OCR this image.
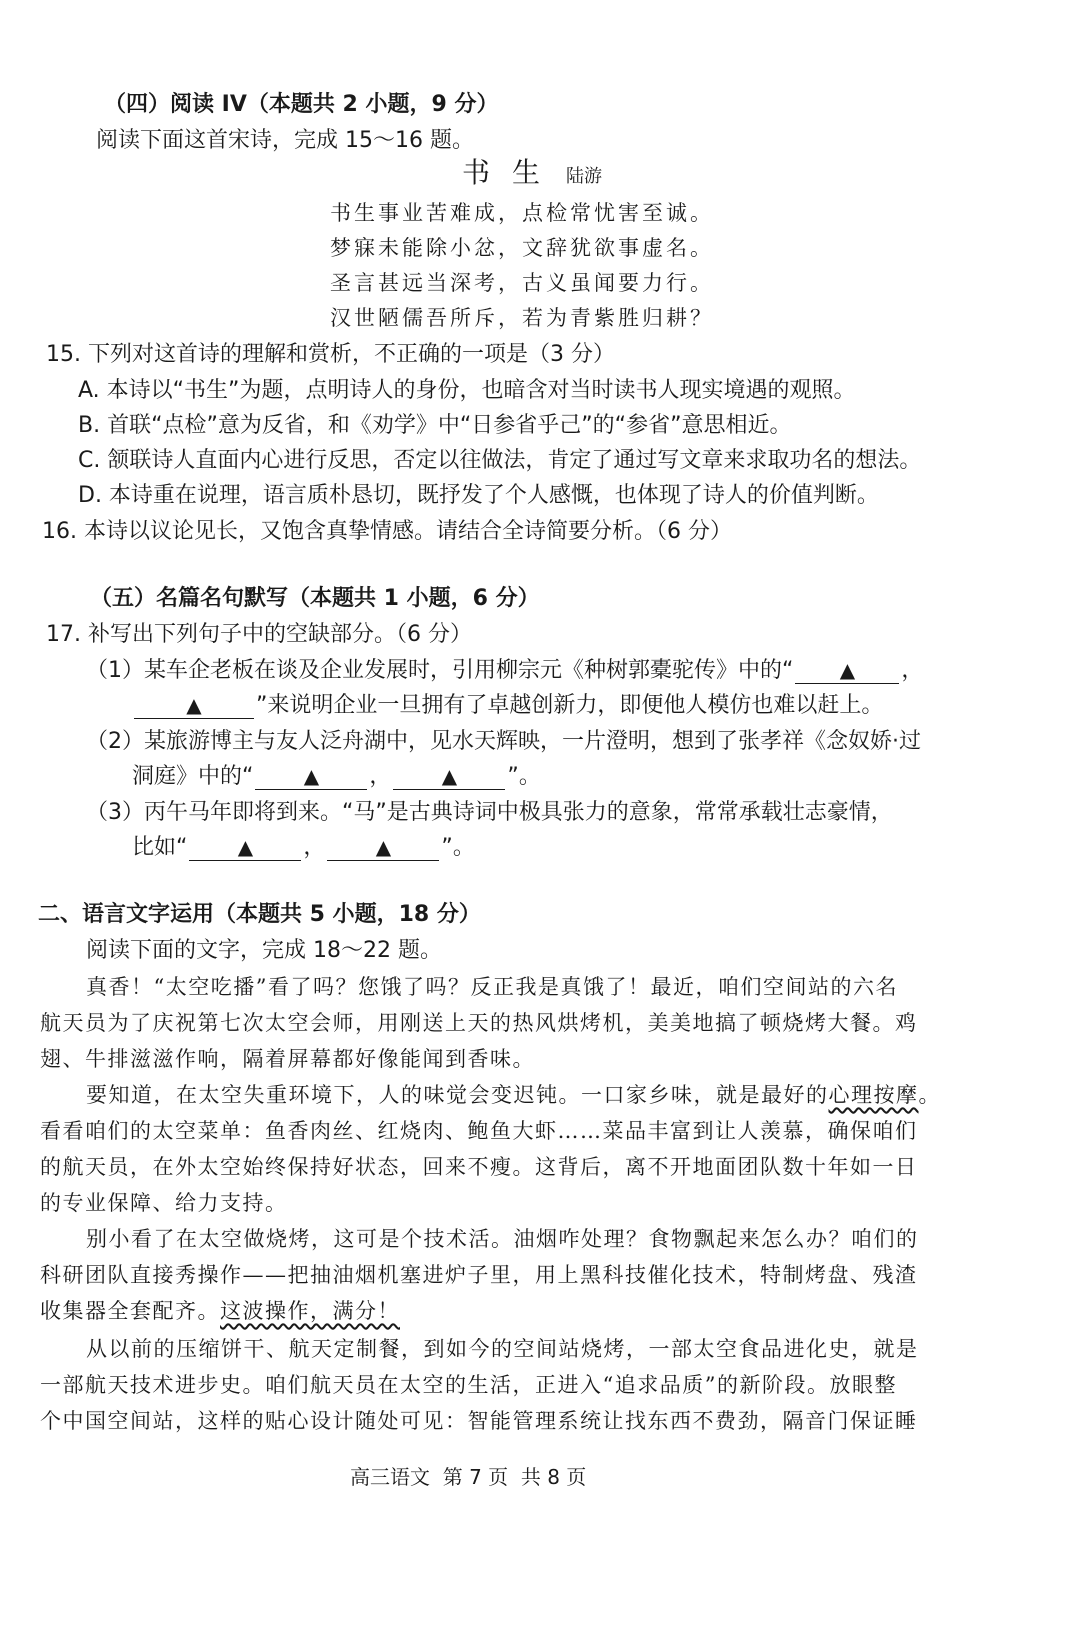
（四）阅读 IV（本题共 2 小题，9 分）
阅读下面这首宋诗，完成 15～16 题。
书生 陆游
书生事业苦难成，点检常忧害至诚。
梦寐未能除小忿，文辞犹欲事虚名。
圣言甚远当深考，古义虽闻要力行。
汉世陋儒吾所斥，若为青紫胜归耕？
15. 下列对这首诗的理解和赏析，不正确的一项是（3 分）
A. 本诗以“书生”为题，点明诗人的身份，也暗含对当时读书人现实境遇的观照。
B. 首联“点检”意为反省，和《劝学》中“日参省乎己”的“参省”意思相近。
C. 颔联诗人直面内心进行反思，否定以往做法，肯定了通过写文章来求取功名的想法。
D. 本诗重在说理，语言质朴恳切，既抒发了个人感慨，也体现了诗人的价值判断。
16. 本诗以议论见长，又饱含真挚情感。请结合全诗简要分析。（6 分）
（五）名篇名句默写（本题共 1 小题，6 分）
17. 补写出下列句子中的空缺部分。（6 分）
（1）某车企老板在谈及企业发展时，引用柳宗元《种树郭橐驼传》中的“ ▲ ，
▲ ”来说明企业一旦拥有了卓越创新力，即便他人模仿也难以赶上。
（2）某旅游博主与友人泛舟湖中，见水天辉映，一片澄明，想到了张孝祥《念奴娇·过
洞庭》中的“	▲ ，	▲ ”。
（3）丙午马年即将到来。“马”是古典诗词中极具张力的意象，常常承载壮志豪情，
比如“	▲ ，	▲ ”。
二、语言文字运用（本题共 5 小题，18 分）
阅读下面的文字，完成 18～22 题。
真香！“太空吃播”看了吗？您饿了吗？反正我是真饿了！最近，咱们空间站的六名
航天员为了庆祝第七次太空会师，用刚送上天的热风烘烤机，美美地搞了顿烧烤大餐。鸡
翅、牛排滋滋作响，隔着屏幕都好像能闻到香味。
要知道，在太空失重环境下，人的味觉会变迟钝。一口家乡味，就是最好的心理按摩。
看看咱们的太空菜单：鱼香肉丝、红烧肉、鲍鱼大虾……菜品丰富到让人羡慕，确保咱们
的航天员，在外太空始终保持好状态，回来不瘦。这背后，离不开地面团队数十年如一日
的专业保障、给力支持。
别小看了在太空做烧烤，这可是个技术活。油烟咋处理？食物飘起来怎么办？咱们的
科研团队直接秀操作——把抽油烟机塞进炉子里，用上黑科技催化技术，特制烤盘、残渣
收集器全套配齐。这波操作，满分！
从以前的压缩饼干、航天定制餐，到如今的空间站烧烤，一部太空食品进化史，就是
一部航天技术进步史。咱们航天员在太空的生活，正进入“追求品质”的新阶段。放眼整
个中国空间站，这样的贴心设计随处可见：智能管理系统让找东西不费劲，隔音门保证睡
高三语文  第 7 页  共 8 页
